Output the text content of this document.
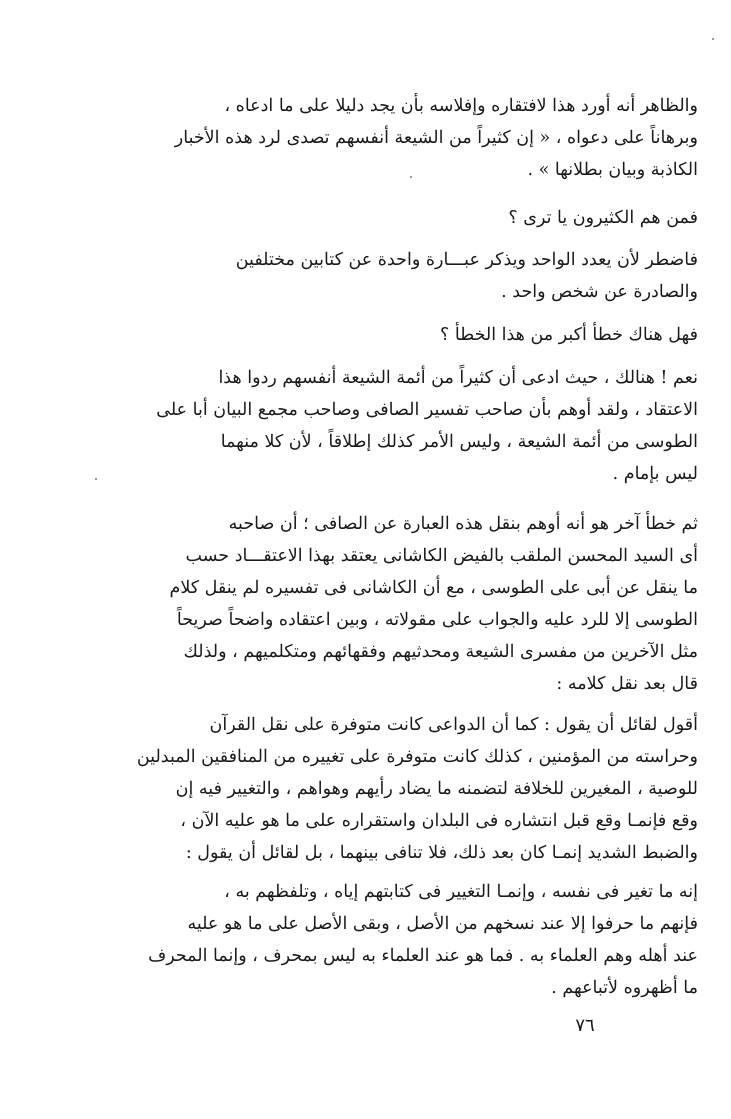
والظاهر أنه أورد هذا لافتقاره وإفلاسه بأن يجد دليلا على ما ادعاه ،
وبرهاناً على دعواه ، « إن كثيراً من الشيعة أنفسهم تصدى لرد هذه الأخبار
الكاذبة وبيان بطلانها » .
فمن هم الكثيرون يا ترى ؟
فاضطر لأن يعدد الواحد ويذكر عبـــارة واحدة عن كتابين مختلفين
والصادرة عن شخص واحد .
فهل هناك خطأ أكبر من هذا الخطأ ؟
نعم ! هنالك ، حيث ادعى أن كثيراً من أئمة الشيعة أنفسهم ردوا هذا
الاعتقاد ، ولقد أوهم بأن صاحب تفسير الصافى وصاحب مجمع البيان أبا على
الطوسى من أئمة الشيعة ، وليس الأمر كذلك إطلاقاً ، لأن كلا منهما
ليس بإمام .
ثم خطأ آخر هو أنه أوهم بنقل هذه العبارة عن الصافى ؛ أن صاحبه
أى السيد المحسن الملقب بالفيض الكاشانى يعتقد بهذا الاعتقـــاد حسب
ما ينقل عن أبى على الطوسى ، مع أن الكاشانى فى تفسيره لم ينقل كلام
الطوسى إلا للرد عليه والجواب على مقولاته ، وبين اعتقاده واضحاً صريحاً
مثل الآخرين من مفسرى الشيعة ومحدثيهم وفقهائهم ومتكلميهم ، ولذلك
قال بعد نقل كلامه :
أقول لقائل أن يقول : كما أن الدواعى كانت متوفرة على نقل القرآن
وحراسته من المؤمنين ، كذلك كانت متوفرة على تغييره من المنافقين المبدلين
للوصية ، المغيرين للخلافة لتضمنه ما يضاد رأيهم وهواهم ، والتغيير فيه إن
وقع فإنمـا وقع قبل انتشاره فى البلدان واستقراره على ما هو عليه الآن ،
والضبط الشديد إنمـا كان بعد ذلك، فلا تنافى بينهما ، بل لقائل أن يقول :
إنه ما تغير فى نفسه ، وإنمـا التغيير فى كتابتهم إياه ، وتلفظهم به ،
فإنهم ما حرفوا إلا عند نسخهم من الأصل ، وبقى الأصل على ما هو عليه
عند أهله وهم العلماء به . فما هو عند العلماء به ليس بمحرف ، وإنما المحرف
ما أظهروه لأتباعهم .
٧٦
